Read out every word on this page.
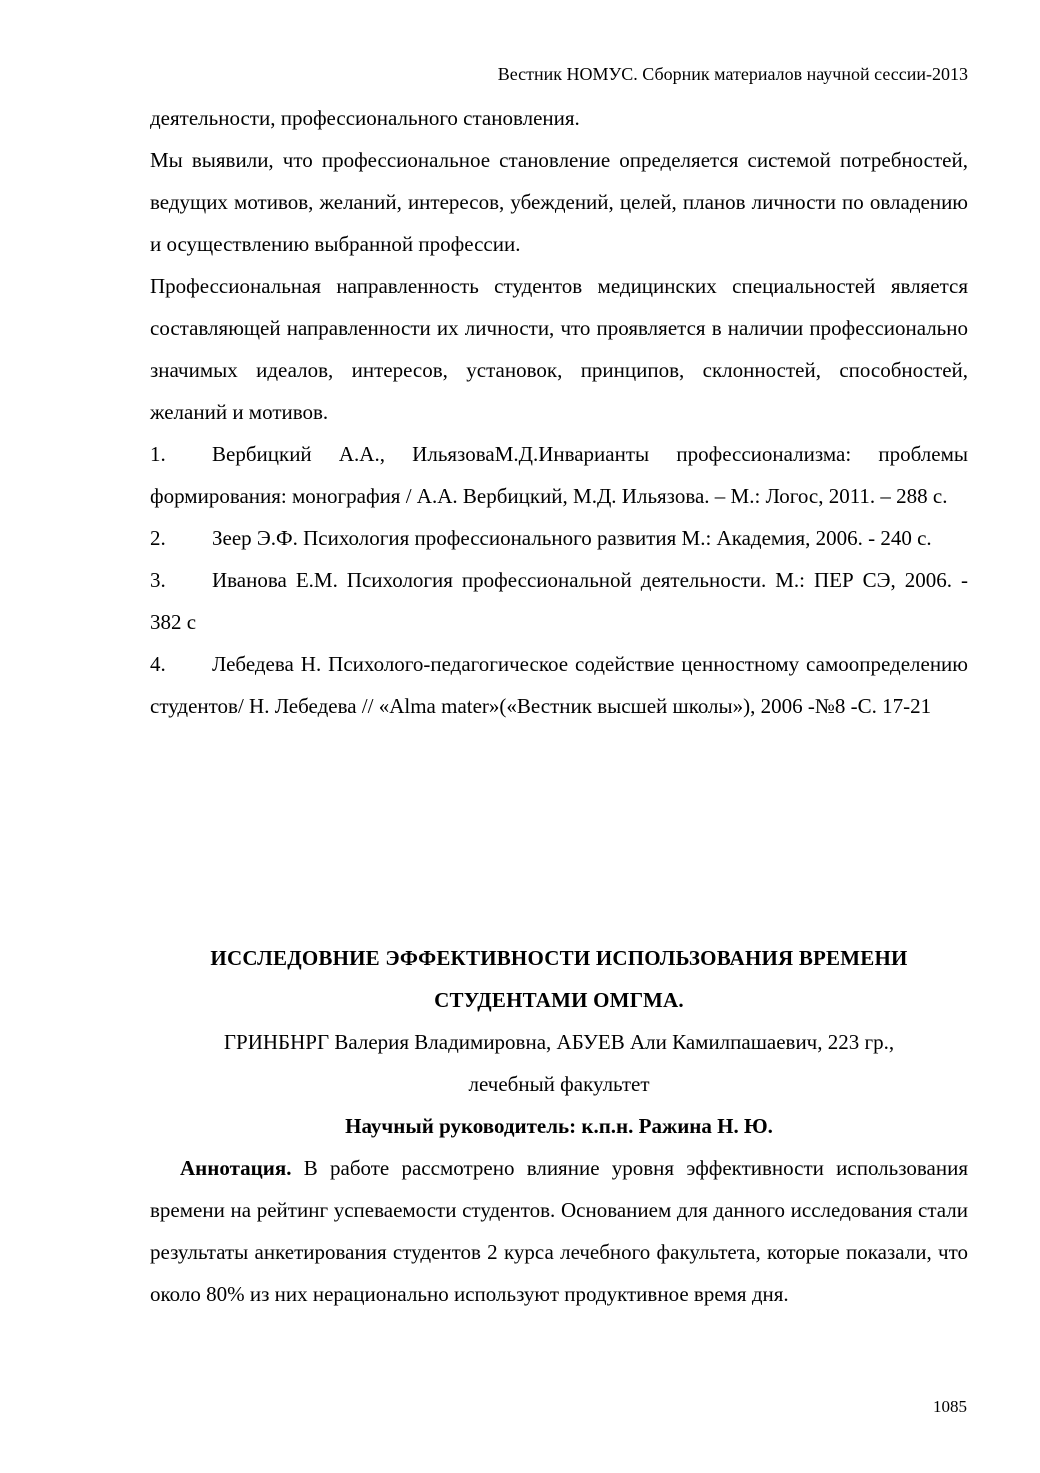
Вестник НОМУС. Сборник материалов научной сессии-2013

деятельности, профессионального становления.

Мы выявили, что профессиональное становление определяется системой потребностей, ведущих мотивов, желаний, интересов, убеждений, целей, планов личности по овладению и осуществлению выбранной профессии.

Профессиональная направленность студентов медицинских специальностей является составляющей направленности их личности, что проявляется в наличии профессионально значимых идеалов, интересов, установок, принципов, склонностей, способностей, желаний и мотивов.

1. Вербицкий А.А., ИльязоваМ.Д.Инварианты профессионализма: проблемы формирования: монография / А.А. Вербицкий, М.Д. Ильязова. – М.: Логос, 2011. – 288 с.
2. Зеер Э.Ф. Психология профессионального развития М.: Академия, 2006. - 240 с.
3. Иванова Е.М. Психология профессиональной деятельности. М.: ПЕР СЭ, 2006. - 382 с
4. Лебедева Н. Психолого-педагогическое содействие ценностному самоопределению студентов/ Н. Лебедева // «Alma mater»(«Вестник высшей школы»), 2006 -№8 -С. 17-21

ИССЛЕДОВНИЕ ЭФФЕКТИВНОСТИ ИСПОЛЬЗОВАНИЯ ВРЕМЕНИ
СТУДЕНТАМИ ОМГМА.

ГРИНБНРГ Валерия Владимировна, АБУЕВ Али Камилпашаевич, 223 гр.,

лечебный факультет

Научный руководитель: к.п.н. Ражина Н. Ю.

Аннотация. В работе рассмотрено влияние уровня эффективности использования времени на рейтинг успеваемости студентов. Основанием для данного исследования стали результаты анкетирования студентов 2 курса лечебного факультета, которые показали, что около 80% из них нерационально используют продуктивное время дня.

1085
